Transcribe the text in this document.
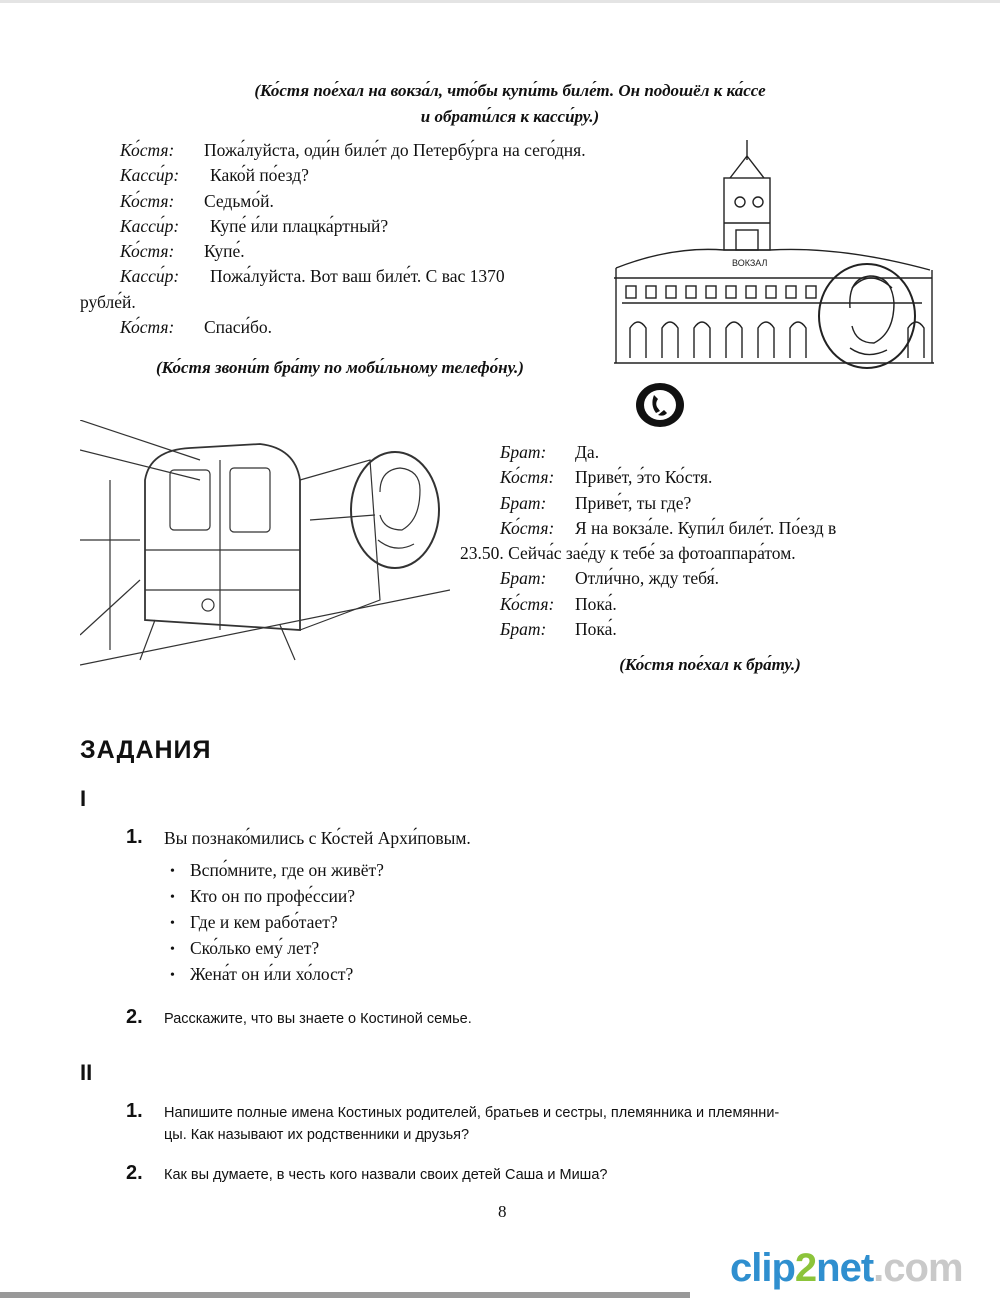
(Ко́стя пое́хал на вокза́л, что́бы купи́ть биле́т. Он подошёл к ка́ссе
и обрати́лся к касси́ру.)
Ко́стя: Пожа́луйста, оди́н биле́т до Петербу́рга на сего́дня.
Касси́р: Како́й по́езд?
Ко́стя: Седьмо́й.
Касси́р: Купе́ и́ли плацка́ртный?
Ко́стя: Купе́.
Касси́р: Пожа́луйста. Вот ваш биле́т. С вас 1370
рубле́й.
Ко́стя: Спаси́бо.
ВОКЗАЛ
(Ко́стя звони́т бра́ту по моби́льному телефо́ну.)
Брат: Да.
Ко́стя: Приве́т, э́то Ко́стя.
Брат: Приве́т, ты где?
Ко́стя: Я на вокза́ле. Купи́л биле́т. По́езд в
23.50. Сейча́с зае́ду к тебе́ за фотоаппара́том.
Брат: Отли́чно, жду тебя́.
Ко́стя: Пока́.
Брат: Пока́.
(Ко́стя пое́хал к бра́ту.)
ЗАДАНИЯ
I
1. Вы познако́мились с Ко́стей Архи́повым.
• Вспо́мните, где он живёт?
• Кто он по профе́ссии?
• Где и кем рабо́тает?
• Ско́лько ему́ лет?
• Жена́т он и́ли хо́лост?
2. Расскажите, что вы знаете о Костиной семье.
II
1. Напишите полные имена Костиных родителей, братьев и сестры, племянника и племянни-
цы. Как называют их родственники и друзья?
2. Как вы думаете, в честь кого назвали своих детей Саша и Миша?
8
clip2net.com
